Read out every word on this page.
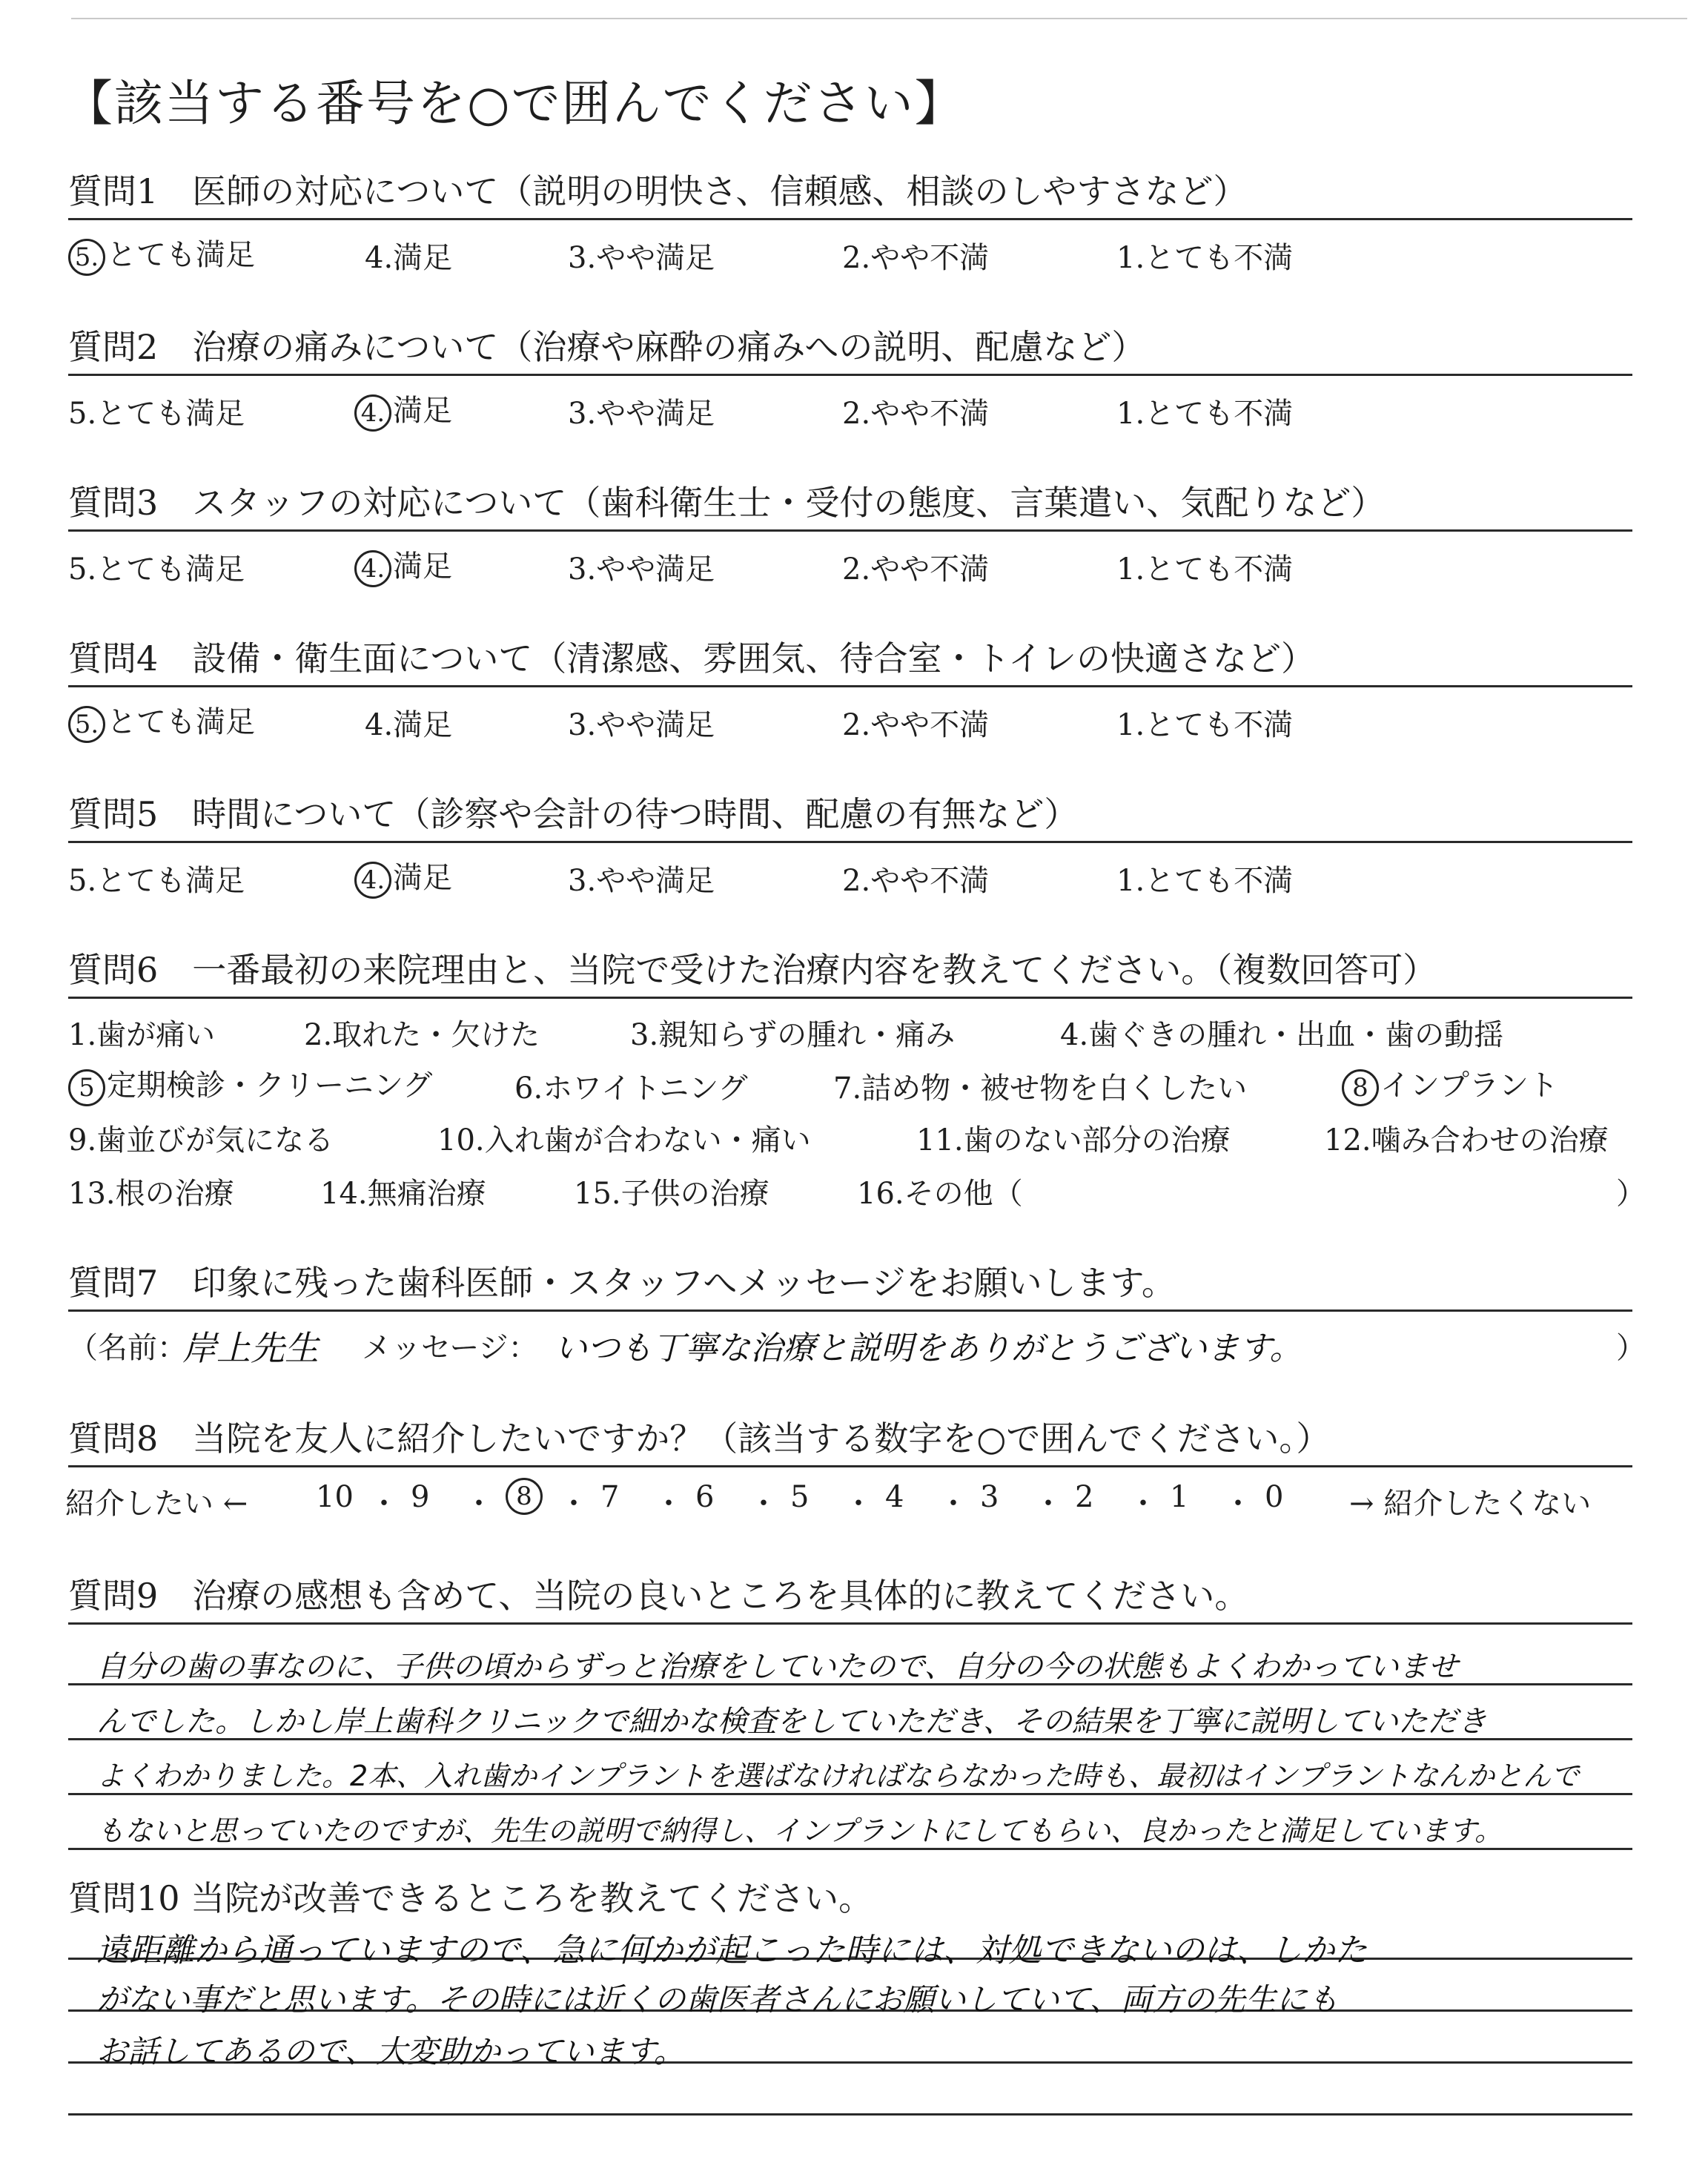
【該当する番号を○で囲んでください】
質問1　医師の対応について（説明の明快さ、信頼感、相談のしやすさなど）
5. とても満足	4.満足	3.やや満足	2.やや不満	1.とても不満
質問2　治療の痛みについて（治療や麻酔の痛みへの説明、配慮など）
5.とても満足	4. 満足	3.やや満足	2.やや不満	1.とても不満
質問3　スタッフの対応について（歯科衛生士・受付の態度、言葉遣い、気配りなど）
5.とても満足	4. 満足	3.やや満足	2.やや不満	1.とても不満
質問4　設備・衛生面について（清潔感、雰囲気、待合室・トイレの快適さなど）
5. とても満足	4.満足	3.やや満足	2.やや不満	1.とても不満
質問5　時間について（診察や会計の待つ時間、配慮の有無など）
5.とても満足	4. 満足	3.やや満足	2.やや不満	1.とても不満
質問6　一番最初の来院理由と、当院で受けた治療内容を教えてください。（複数回答可）
1.歯が痛い	2.取れた・欠けた	3.親知らずの腫れ・痛み	4.歯ぐきの腫れ・出血・歯の動揺
5 定期検診・クリーニング	6.ホワイトニング	7.詰め物・被せ物を白くしたい	8 インプラント
9.歯並びが気になる	10.入れ歯が合わない・痛い	11.歯のない部分の治療	12.噛み合わせの治療
13.根の治療	14.無痛治療	15.子供の治療	16.その他（	）
質問7　印象に残った歯科医師・スタッフへメッセージをお願いします。
（名前：
岸上先生 メッセージ： いつも丁寧な治療と説明をありがとうございます。	）
質問8　当院を友人に紹介したいですか？（該当する数字を○で囲んでください。）
紹介したい ←	→ 紹介したくない
10 ・ 9 ・ 8 ・ 7 ・ 6 ・ 5 ・ 4 ・ 3 ・ 2 ・ 1 ・ 0
質問9　治療の感想も含めて、当院の良いところを具体的に教えてください。
自分の歯の事なのに、子供の頃からずっと治療をしていたので、自分の今の状態もよくわかっていませ
んでした。しかし岸上歯科クリニックで細かな検査をしていただき、その結果を丁寧に説明していただき
よくわかりました。2本、入れ歯かインプラントを選ばなければならなかった時も、最初はインプラントなんかとんで
もないと思っていたのですが、先生の説明で納得し、インプラントにしてもらい、良かったと満足しています。
質問10 当院が改善できるところを教えてください。
遠距離から通っていますので、急に何かが起こった時には、対処できないのは、しかた
がない事だと思います。その時には近くの歯医者さんにお願いしていて、両方の先生にも
お話してあるので、大変助かっています。
